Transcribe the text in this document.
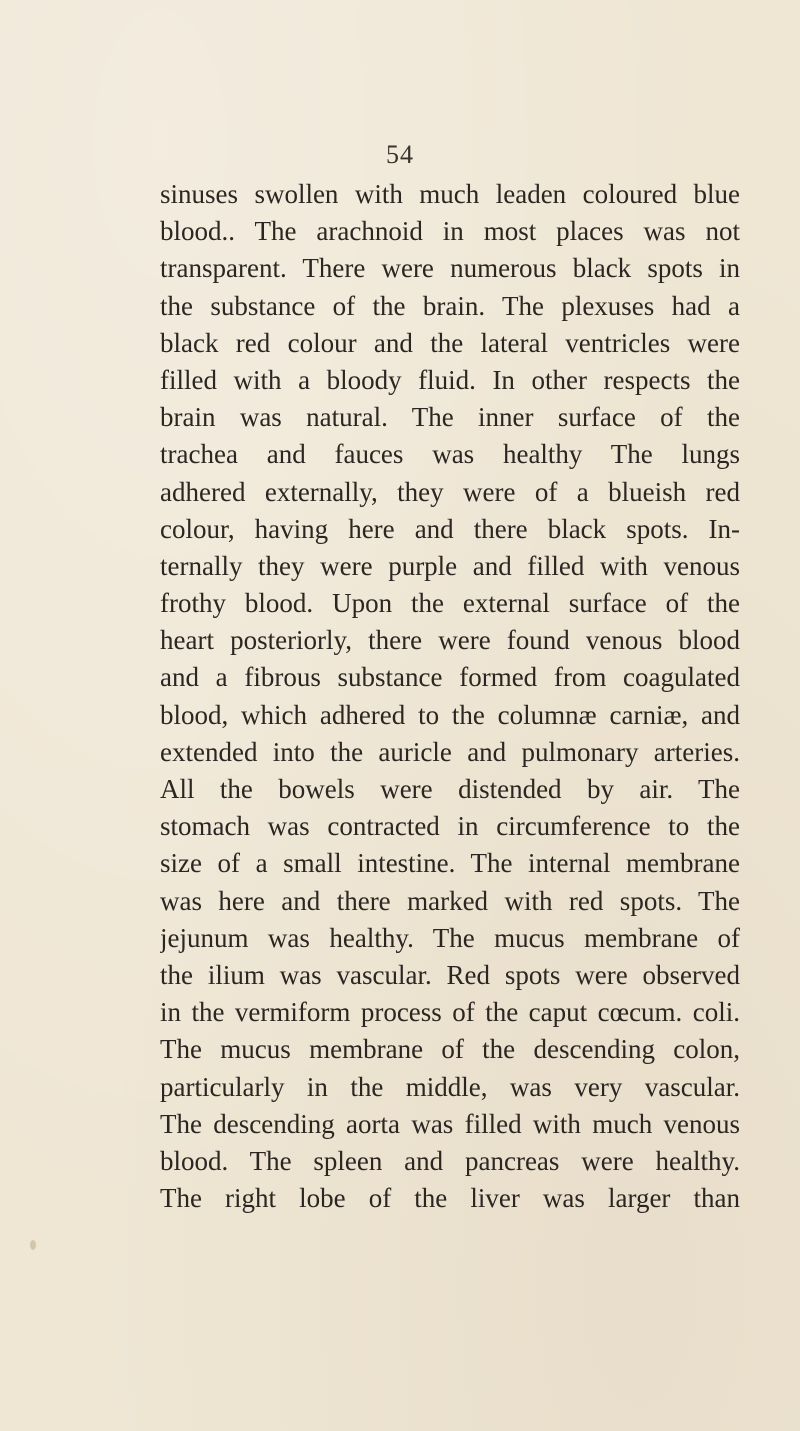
54
sinuses swollen with much leaden coloured blue
blood.. The arachnoid in most places was not
transparent. There were numerous black spots in
the substance of the brain. The plexuses had a
black red colour and the lateral ventricles were
filled with a bloody fluid. In other respects the
brain was natural. The inner surface of the
trachea and fauces was healthy The lungs
adhered externally, they were of a blueish red
colour, having here and there black spots. In-
ternally they were purple and filled with venous
frothy blood. Upon the external surface of the
heart posteriorly, there were found venous blood
and a fibrous substance formed from coagulated
blood, which adhered to the columnæ carniæ, and
extended into the auricle and pulmonary arteries.
All the bowels were distended by air. The
stomach was contracted in circumference to the
size of a small intestine. The internal membrane
was here and there marked with red spots. The
jejunum was healthy. The mucus membrane of
the ilium was vascular. Red spots were observed
in the vermiform process of the caput cœcum. coli.
The mucus membrane of the descending colon,
particularly in the middle, was very vascular.
The descending aorta was filled with much venous
blood. The spleen and pancreas were healthy.
The right lobe of the liver was larger than
